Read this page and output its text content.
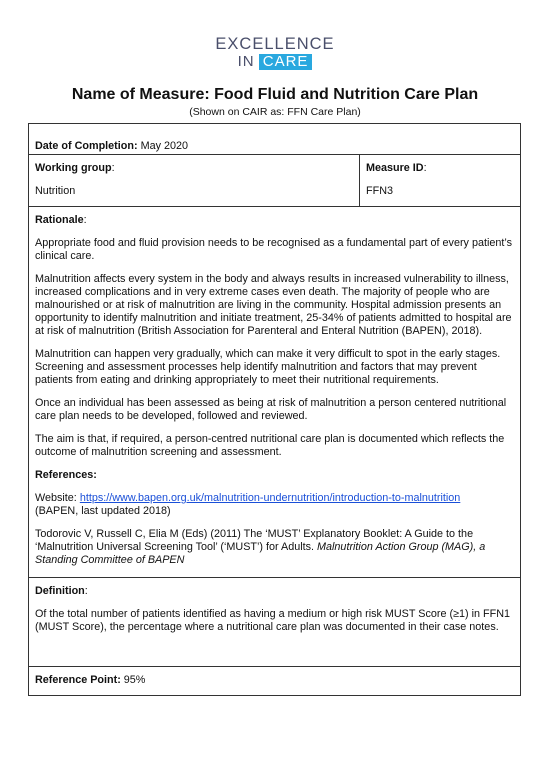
EXCELLENCE
IN CARE
Name of Measure: Food Fluid and Nutrition Care Plan
(Shown on CAIR as: FFN Care Plan)
Date of Completion: May 2020

Working group:

Nutrition

Measure ID:

FFN3

Rationale:

Appropriate food and fluid provision needs to be recognised as a fundamental part of every patient’s clinical care.

Malnutrition affects every system in the body and always results in increased vulnerability to illness, increased complications and in very extreme cases even death. The majority of people who are malnourished or at risk of malnutrition are living in the community. Hospital admission presents an opportunity to identify malnutrition and initiate treatment, 25-34% of patients admitted to hospital are at risk of malnutrition (British Association for Parenteral and Enteral Nutrition (BAPEN), 2018).

Malnutrition can happen very gradually, which can make it very difficult to spot in the early stages. Screening and assessment processes help identify malnutrition and factors that may prevent patients from eating and drinking appropriately to meet their nutritional requirements.

Once an individual has been assessed as being at risk of malnutrition a person centered nutritional care plan needs to be developed, followed and reviewed.

The aim is that, if required, a person-centred nutritional care plan is documented which reflects the outcome of malnutrition screening and assessment.

References:

Website: https://www.bapen.org.uk/malnutrition-undernutrition/introduction-to-malnutrition
(BAPEN, last updated 2018)

Todorovic V, Russell C, Elia M (Eds) (2011) The ‘MUST’ Explanatory Booklet: A Guide to the ‘Malnutrition Universal Screening Tool’ (‘MUST’) for Adults. Malnutrition Action Group (MAG), a Standing Committee of BAPEN

Definition:

Of the total number of patients identified as having a medium or high risk MUST Score (≥1) in FFN1 (MUST Score), the percentage where a nutritional care plan was documented in their case notes.

Reference Point: 95%
